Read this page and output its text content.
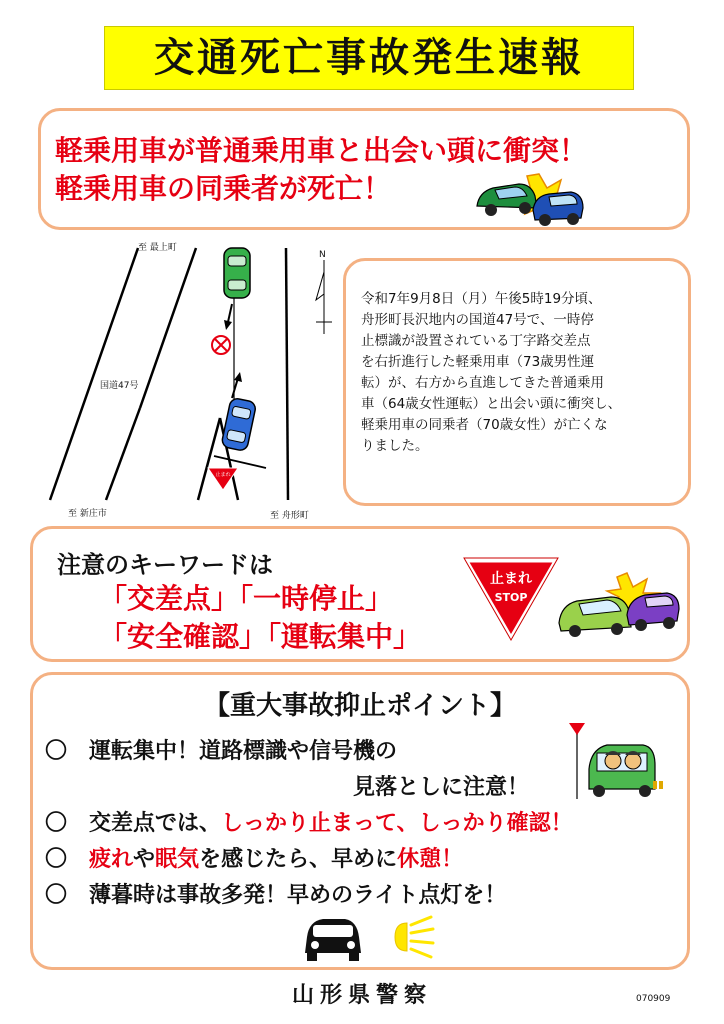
交通死亡事故発生速報
軽乗用車が普通乗用車と出会い頭に衝突！
軽乗用車の同乗者が死亡！
止まれ
至 最上町
国道47号
至 新庄市	至 舟形町
N
令和7年9月8日（月）午後5時19分頃、
舟形町長沢地内の国道47号で、一時停
止標識が設置されている丁字路交差点
を右折進行した軽乗用車（73歳男性運
転）が、右方から直進してきた普通乗用
車（64歳女性運転）と出会い頭に衝突し、
軽乗用車の同乗者（70歳女性）が亡くな
りました。
注意のキーワードは
「交差点」「一時停止」
「安全確認」「運転集中」
止まれ
STOP
【重大事故抑止ポイント】
〇 運転集中！道路標識や信号機の
見落としに注意！
〇 交差点では、しっかり止まって、しっかり確認！
〇 疲れや眠気を感じたら、早めに休憩！
〇 薄暮時は事故多発！早めのライト点灯を！
山形県警察	070909
